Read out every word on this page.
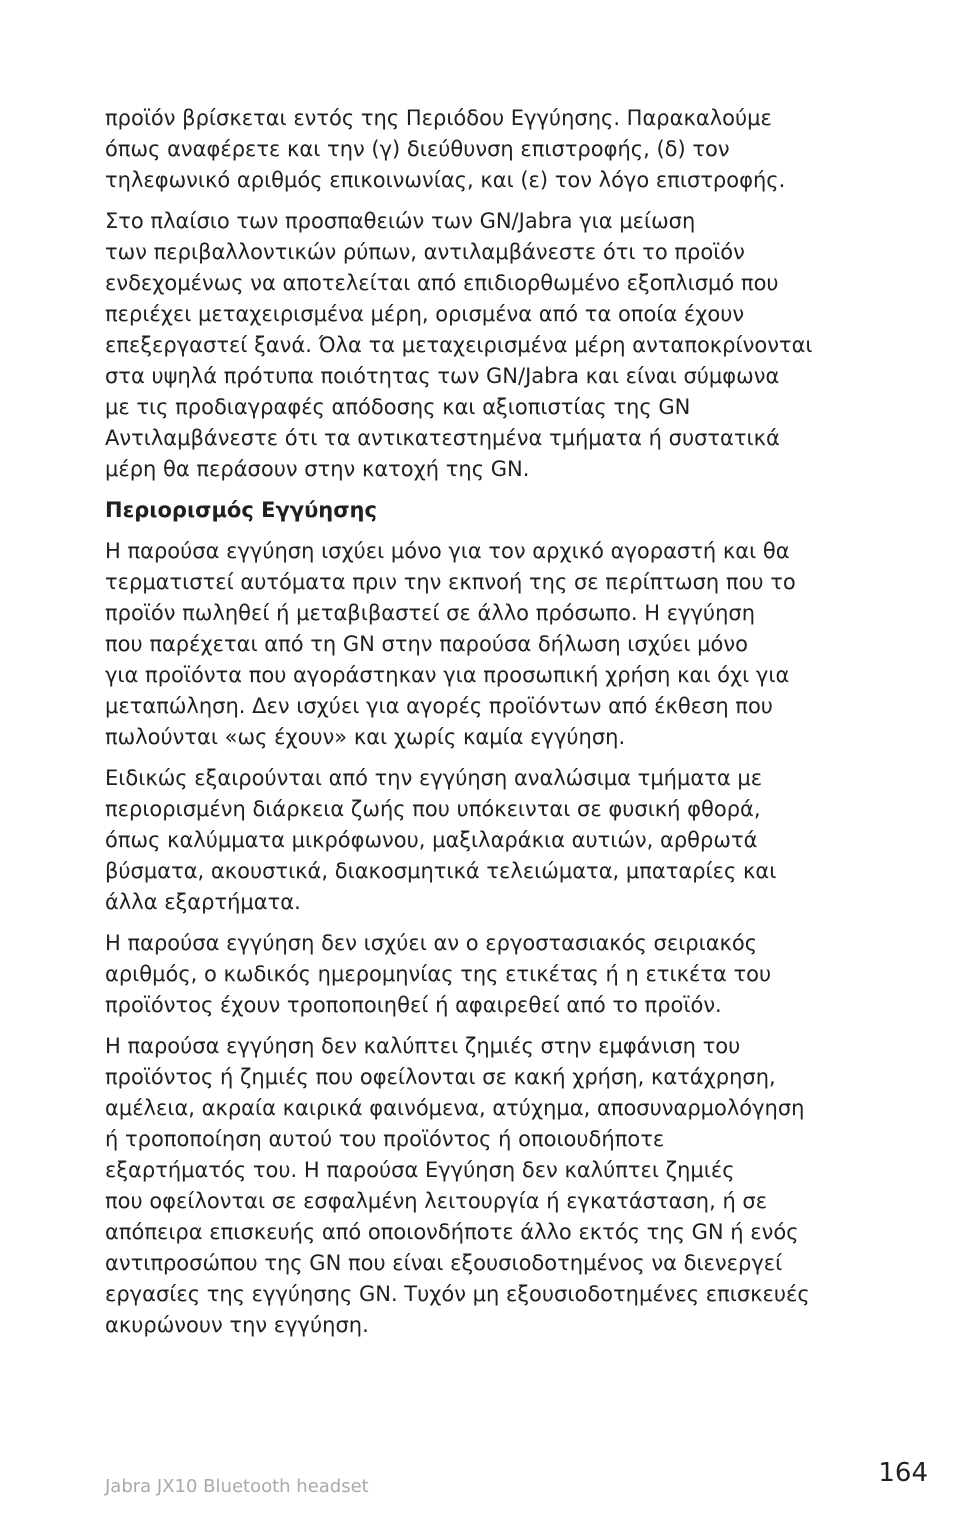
προϊόν βρίσκεται εντός της Περιόδου Εγγύησης. Παρακαλούμε
όπως αναφέρετε και την (γ) διεύθυνση επιστροφής, (δ) τον
τηλεφωνικό αριθμός επικοινωνίας, και (ε) τον λόγο επιστροφής.

Στο πλαίσιο των προσπαθειών των GN/Jabra για μείωση
των περιβαλλοντικών ρύπων, αντιλαμβάνεστε ότι το προϊόν
ενδεχομένως να αποτελείται από επιδιορθωμένο εξοπλισμό που
περιέχει μεταχειρισμένα μέρη, ορισμένα από τα οποία έχουν
επεξεργαστεί ξανά. Όλα τα μεταχειρισμένα μέρη ανταποκρίνονται
στα υψηλά πρότυπα ποιότητας των GN/Jabra και είναι σύμφωνα
με τις προδιαγραφές απόδοσης και αξιοπιστίας της GN
Αντιλαμβάνεστε ότι τα αντικατεστημένα τμήματα ή συστατικά
μέρη θα περάσουν στην κατοχή της GN.

Περιορισμός Εγγύησης

Η παρούσα εγγύηση ισχύει μόνο για τον αρχικό αγοραστή και θα
τερματιστεί αυτόματα πριν την εκπνοή της σε περίπτωση που το
προϊόν πωληθεί ή μεταβιβαστεί σε άλλο πρόσωπο. Η εγγύηση
που παρέχεται από τη GN στην παρούσα δήλωση ισχύει μόνο
για προϊόντα που αγοράστηκαν για προσωπική χρήση και όχι για
μεταπώληση. Δεν ισχύει για αγορές προϊόντων από έκθεση που
πωλούνται «ως έχουν» και χωρίς καμία εγγύηση.

Ειδικώς εξαιρούνται από την εγγύηση αναλώσιμα τμήματα με
περιορισμένη διάρκεια ζωής που υπόκεινται σε φυσική φθορά,
όπως καλύμματα μικρόφωνου, μαξιλαράκια αυτιών, αρθρωτά
βύσματα, ακουστικά, διακοσμητικά τελειώματα, μπαταρίες και
άλλα εξαρτήματα.

Η παρούσα εγγύηση δεν ισχύει αν ο εργοστασιακός σειριακός
αριθμός, ο κωδικός ημερομηνίας της ετικέτας ή η ετικέτα του
προϊόντος έχουν τροποποιηθεί ή αφαιρεθεί από το προϊόν.

Η παρούσα εγγύηση δεν καλύπτει ζημιές στην εμφάνιση του
προϊόντος ή ζημιές που οφείλονται σε κακή χρήση, κατάχρηση,
αμέλεια, ακραία καιρικά φαινόμενα, ατύχημα, αποσυναρμολόγηση
ή τροποποίηση αυτού του προϊόντος ή οποιουδήποτε
εξαρτήματός του. Η παρούσα Εγγύηση δεν καλύπτει ζημιές
που οφείλονται σε εσφαλμένη λειτουργία ή εγκατάσταση, ή σε
απόπειρα επισκευής από οποιονδήποτε άλλο εκτός της GN ή ενός
αντιπροσώπου της GN που είναι εξουσιοδοτημένος να διενεργεί
εργασίες της εγγύησης GN. Τυχόν μη εξουσιοδοτημένες επισκευές
ακυρώνουν την εγγύηση.

Jabra JX10 Bluetooth headset	164
